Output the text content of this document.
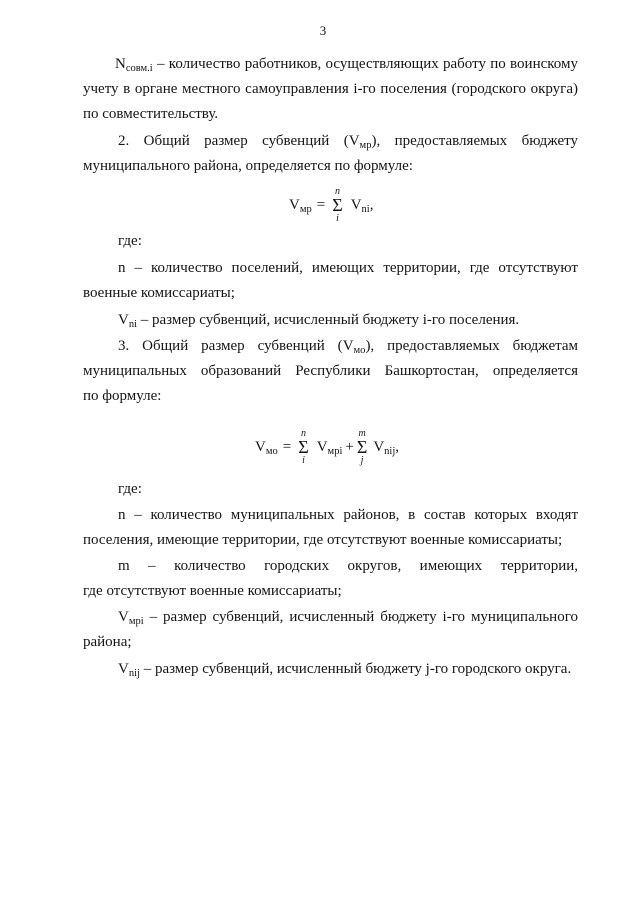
3
$N_{совм.i}$ – количество работников, осуществляющих работу по воинскому
учету в органе местного самоуправления i-го поселения (городского округа)
по совместительству.
2. Общий размер субвенций $(V_{мр})$, предоставляемых бюджету
муниципального района, определяется по формуле:
$V_{мр}$ =
n
Σ
i
$V_{ni}$,
где:
n – количество поселений, имеющих территории, где отсутствуют
военные комиссариаты;
$V_{ni}$ – размер субвенций, исчисленный бюджету i-го поселения.
3. Общий размер субвенций $(V_{мо})$, предоставляемых бюджетам
муниципальных образований Республики Башкортостан, определяется
по формуле:
$V_{мо}$ =
n
Σ
i
$V_{мрi}$ +
m
Σ
j
$V_{nij}$,
где:
n – количество муниципальных районов, в состав которых входят
поселения, имеющие территории, где отсутствуют военные комиссариаты;
m – количество городских округов, имеющих территории,
где отсутствуют военные комиссариаты;
$V_{мрi}$ – размер субвенций, исчисленный бюджету i-го муниципального
района;
$V_{nij}$ – размер субвенций, исчисленный бюджету j-го городского округа.
